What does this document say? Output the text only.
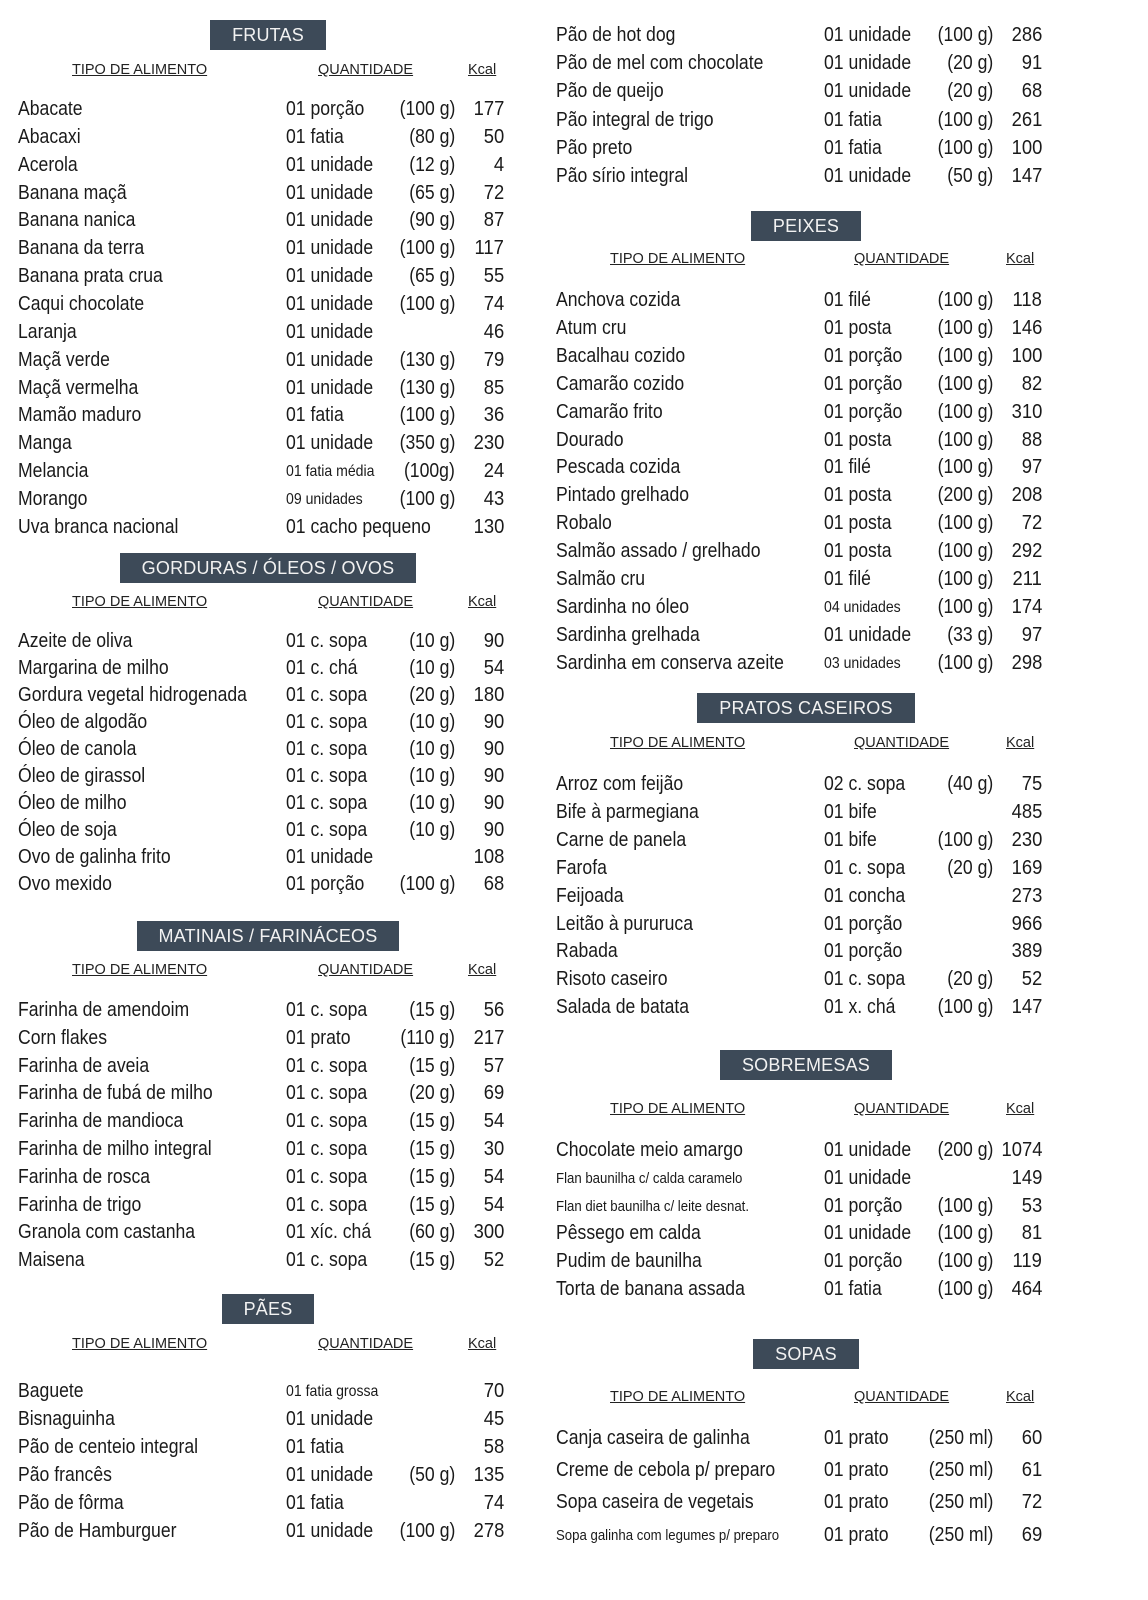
FRUTAS
TIPO DE ALIMENTO	QUANTIDADE	Kcal
Abacate	01 porção (100 g) 177
Abacaxi	01 fatia	(80 g) 50
Acerola	01 unidade (12 g) 4
Banana maçã	01 unidade (65 g) 72
Banana nanica	01 unidade (90 g) 87
Banana da terra	01 unidade (100 g) 117
Banana prata crua	01 unidade (65 g) 55
Caqui chocolate	01 unidade (100 g) 74
Laranja	01 unidade	46
Maçã verde	01 unidade (130 g) 79
Maçã vermelha	01 unidade (130 g) 85
Mamão maduro	01 fatia	(100 g) 36
Manga	01 unidade (350 g) 230
Melancia	01 fatia média (100g) 24
Morango	09 unidades (100 g) 43
Uva branca nacional	01 cacho pequeno 130
GORDURAS / ÓLEOS / OVOS
TIPO DE ALIMENTO	QUANTIDADE	Kcal
Azeite de oliva	01 c. sopa (10 g) 90
Margarina de milho	01 c. chá	(10 g) 54
Gordura vegetal hidrogenada 01 c. sopa (20 g) 180
Óleo de algodão	01 c. sopa (10 g) 90
Óleo de canola	01 c. sopa (10 g) 90
Óleo de girassol	01 c. sopa (10 g) 90
Óleo de milho	01 c. sopa (10 g) 90
Óleo de soja	01 c. sopa (10 g) 90
Ovo de galinha frito	01 unidade	108
Ovo mexido	01 porção (100 g) 68
MATINAIS / FARINÁCEOS
TIPO DE ALIMENTO	QUANTIDADE	Kcal
Farinha de amendoim	01 c. sopa (15 g) 56
Corn flakes	01 prato (110 g) 217
Farinha de aveia	01 c. sopa (15 g) 57
Farinha de fubá de milho	01 c. sopa (20 g) 69
Farinha de mandioca	01 c. sopa (15 g) 54
Farinha de milho integral	01 c. sopa (15 g) 30
Farinha de rosca	01 c. sopa (15 g) 54
Farinha de trigo	01 c. sopa (15 g) 54
Granola com castanha	01 xíc. chá (60 g) 300
Maisena	01 c. sopa (15 g) 52
PÃES
TIPO DE ALIMENTO	QUANTIDADE	Kcal
Baguete	01 fatia grossa	70
Bisnaguinha	01 unidade	45
Pão de centeio integral	01 fatia	58
Pão francês	01 unidade (50 g) 135
Pão de fôrma	01 fatia	74
Pão de Hamburguer	01 unidade (100 g) 278
Pão de hot dog	01 unidade (100 g) 286
Pão de mel com chocolate	01 unidade (20 g) 91
Pão de queijo	01 unidade (20 g) 68
Pão integral de trigo	01 fatia	(100 g) 261
Pão preto	01 fatia	(100 g) 100
Pão sírio integral	01 unidade (50 g) 147
PEIXES
TIPO DE ALIMENTO	QUANTIDADE	Kcal
Anchova cozida	01 filé	(100 g) 118
Atum cru	01 posta (100 g) 146
Bacalhau cozido	01 porção (100 g) 100
Camarão cozido	01 porção (100 g) 82
Camarão frito	01 porção (100 g) 310
Dourado	01 posta (100 g) 88
Pescada cozida	01 filé	(100 g) 97
Pintado grelhado	01 posta (200 g) 208
Robalo	01 posta (100 g) 72
Salmão assado / grelhado	01 posta (100 g) 292
Salmão cru	01 filé	(100 g) 211
Sardinha no óleo	04 unidades (100 g) 174
Sardinha grelhada	01 unidade (33 g) 97
Sardinha em conserva azeite	03 unidades (100 g) 298
PRATOS CASEIROS
TIPO DE ALIMENTO	QUANTIDADE	Kcal
Arroz com feijão	02 c. sopa (40 g) 75
Bife à parmegiana	01 bife	485
Carne de panela	01 bife	(100 g) 230
Farofa	01 c. sopa (20 g) 169
Feijoada	01 concha	273
Leitão à pururuca	01 porção	966
Rabada	01 porção	389
Risoto caseiro	01 c. sopa (20 g) 52
Salada de batata	01 x. chá (100 g) 147
SOBREMESAS
TIPO DE ALIMENTO	QUANTIDADE	Kcal
Chocolate meio amargo	01 unidade (200 g) 1074
Flan baunilha c/ calda caramelo	01 unidade	149
Flan diet baunilha c/ leite desnat.	01 porção (100 g) 53
Pêssego em calda	01 unidade (100 g) 81
Pudim de baunilha	01 porção (100 g) 119
Torta de banana assada	01 fatia	(100 g) 464
SOPAS
TIPO DE ALIMENTO	QUANTIDADE	Kcal
Canja caseira de galinha	01 prato (250 ml) 60
Creme de cebola p/ preparo 01 prato (250 ml) 61
Sopa caseira de vegetais	01 prato (250 ml) 72
Sopa galinha com legumes p/ preparo 01 prato (250 ml) 69
